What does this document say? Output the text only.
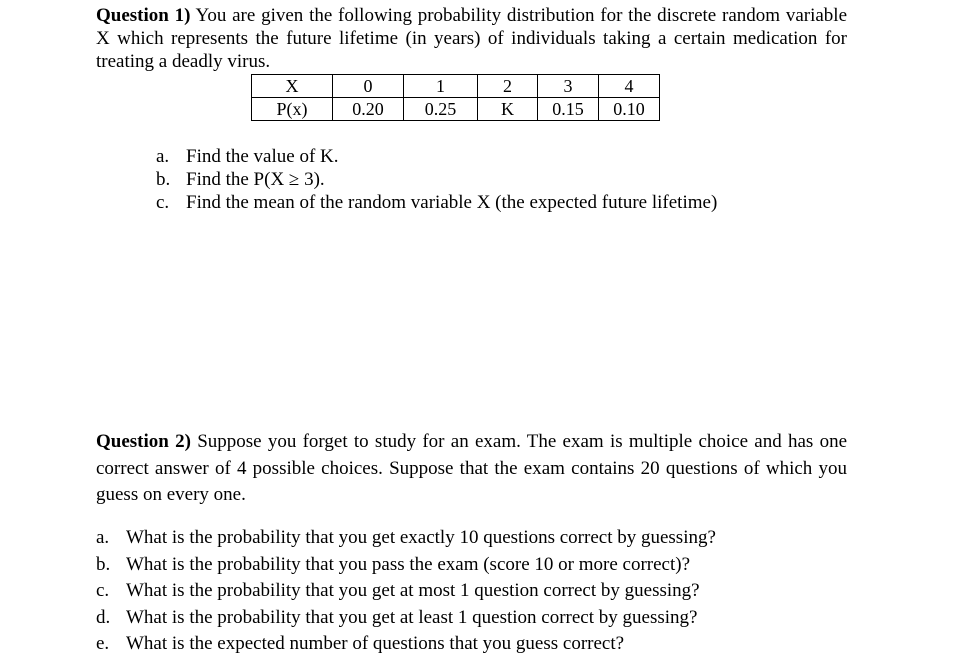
Question 1) You are given the following probability distribution for the discrete random variable X which represents the future lifetime (in years) of individuals taking a certain medication for treating a deadly virus.
X	0	1	2	3	4
P(x)	0.20	0.25	K	0.15	0.10
a. Find the value of K.
b. Find the P(X ≥ 3).
c. Find the mean of the random variable X (the expected future lifetime)
Question 2) Suppose you forget to study for an exam. The exam is multiple choice and has one correct answer of 4 possible choices. Suppose that the exam contains 20 questions of which you guess on every one.
a. What is the probability that you get exactly 10 questions correct by guessing?
b. What is the probability that you pass the exam (score 10 or more correct)?
c. What is the probability that you get at most 1 question correct by guessing?
d. What is the probability that you get at least 1 question correct by guessing?
e. What is the expected number of questions that you guess correct?
